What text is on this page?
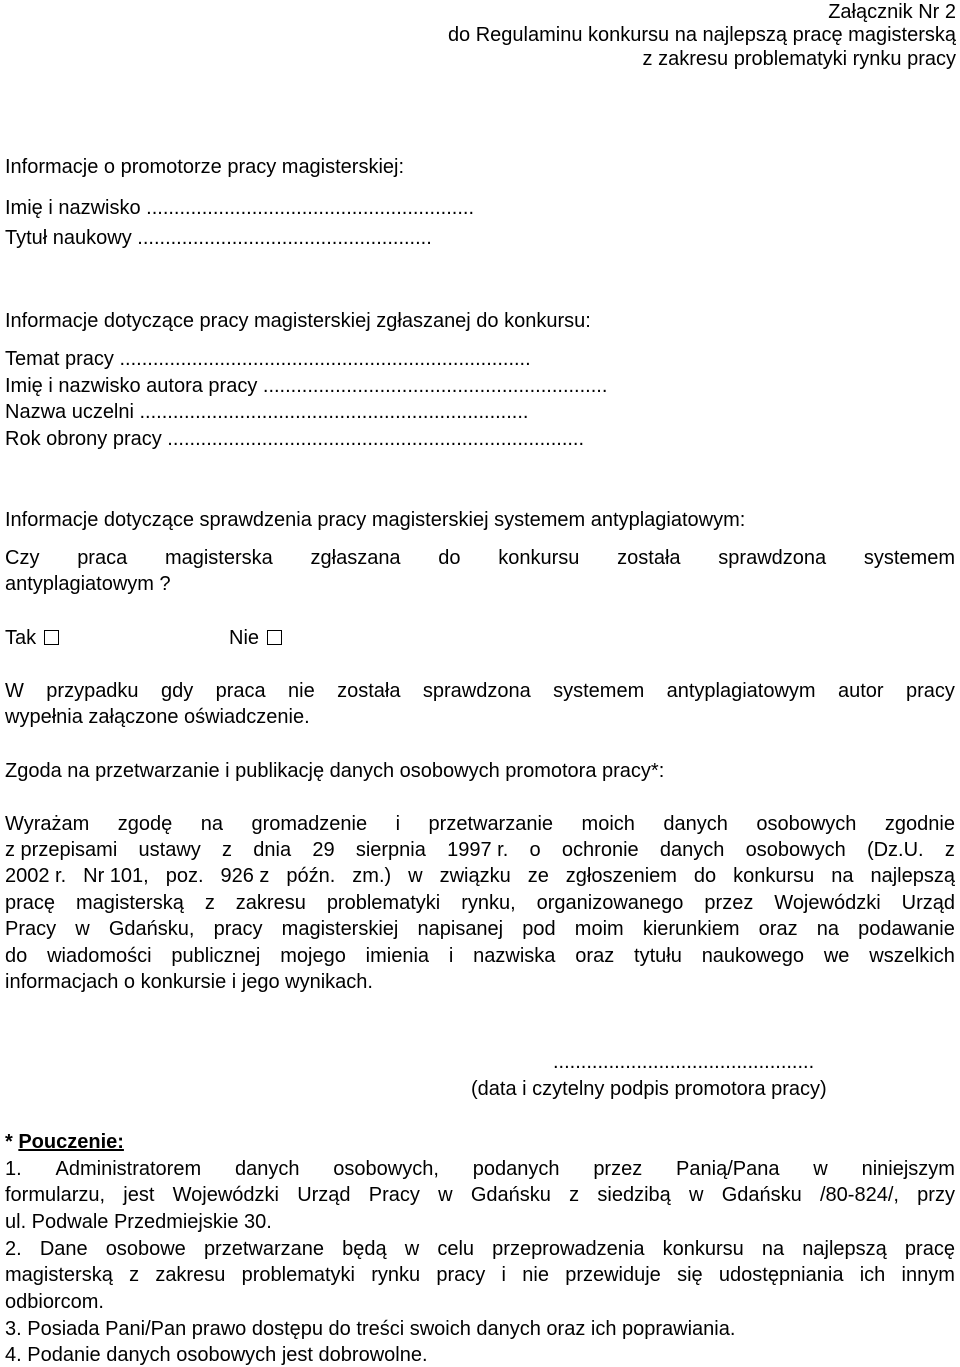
Załącznik Nr 2
do Regulaminu konkursu na najlepszą pracę magisterską
z zakresu problematyki rynku pracy
Informacje o promotorze pracy magisterskiej:
Imię i nazwisko ...........................................................
Tytuł naukowy .....................................................
Informacje dotyczące pracy magisterskiej zgłaszanej do konkursu:
Temat pracy ..........................................................................
Imię i nazwisko autora pracy ..............................................................
Nazwa uczelni ......................................................................
Rok obrony pracy ...........................................................................
Informacje dotyczące sprawdzenia pracy magisterskiej systemem antyplagiatowym:
Czy praca magisterska zgłaszana do konkursu została sprawdzona systemem
antyplagiatowym ?
Tak	Nie
W przypadku gdy praca nie została sprawdzona systemem antyplagiatowym autor pracy
wypełnia załączone oświadczenie.
Zgoda na przetwarzanie i publikację danych osobowych promotora pracy*:
Wyrażam zgodę na gromadzenie i przetwarzanie moich danych osobowych zgodnie
z przepisami ustawy z dnia 29 sierpnia 1997 r. o ochronie danych osobowych (Dz.U. z
2002 r. Nr 101, poz. 926 z późn. zm.) w związku ze zgłoszeniem do konkursu na najlepszą
pracę magisterską z zakresu problematyki rynku, organizowanego przez Wojewódzki Urząd
Pracy w Gdańsku, pracy magisterskiej napisanej pod moim kierunkiem oraz na podawanie
do wiadomości publicznej mojego imienia i nazwiska oraz tytułu naukowego we wszelkich
informacjach o konkursie i jego wynikach.
...............................................
(data i czytelny podpis promotora pracy)
* Pouczenie:
1. Administratorem danych osobowych, podanych przez Panią/Pana w niniejszym
formularzu, jest Wojewódzki Urząd Pracy w Gdańsku z siedzibą w Gdańsku /80-824/, przy
ul. Podwale Przedmiejskie 30.
2. Dane osobowe przetwarzane będą w celu przeprowadzenia konkursu na najlepszą pracę
magisterską z zakresu problematyki rynku pracy i nie przewiduje się udostępniania ich innym
odbiorcom.
3. Posiada Pani/Pan prawo dostępu do treści swoich danych oraz ich poprawiania.
4. Podanie danych osobowych jest dobrowolne.
